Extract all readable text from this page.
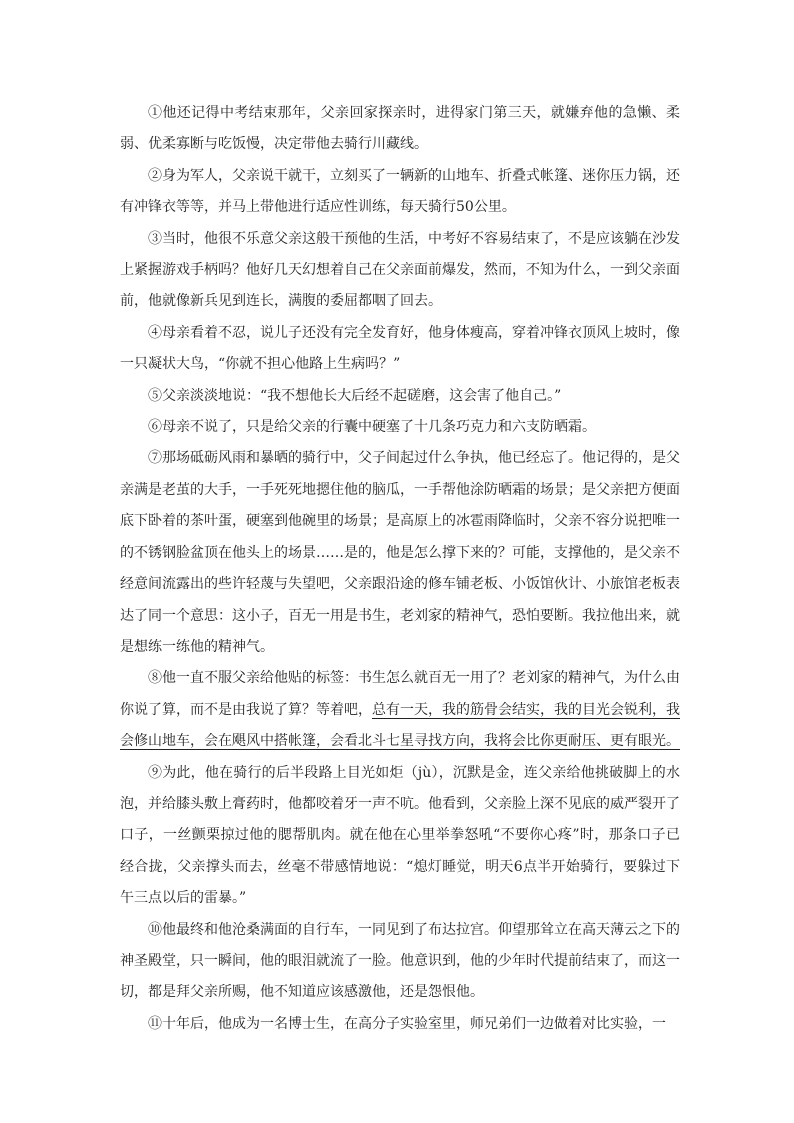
①他还记得中考结束那年，父亲回家探亲时，进得家门第三天，就嫌弃他的急懒、柔弱、优柔寡断与吃饭慢，决定带他去骑行川藏线。

②身为军人，父亲说干就干，立刻买了一辆新的山地车、折叠式帐篷、迷你压力锅，还有冲锋衣等等，并马上带他进行适应性训练，每天骑行50公里。

③当时，他很不乐意父亲这般干预他的生活，中考好不容易结束了，不是应该躺在沙发上紧握游戏手柄吗？他好几天幻想着自己在父亲面前爆发，然而，不知为什么，一到父亲面前，他就像新兵见到连长，满腹的委屈都咽了回去。

④母亲看着不忍，说儿子还没有完全发育好，他身体瘦高，穿着冲锋衣顶风上坡时，像一只凝状大鸟，“你就不担心他路上生病吗？”

⑤父亲淡淡地说：“我不想他长大后经不起磋磨，这会害了他自己。”

⑥母亲不说了，只是给父亲的行囊中硬塞了十几条巧克力和六支防晒霜。

⑦那场砥砺风雨和暴晒的骑行中，父子间起过什么争执，他已经忘了。他记得的，是父亲满是老茧的大手，一手死死地摁住他的脑瓜，一手帮他涂防晒霜的场景；是父亲把方便面底下卧着的茶叶蛋，硬塞到他碗里的场景；是高原上的冰雹雨降临时，父亲不容分说把唯一的不锈钢脸盆顶在他头上的场景……是的，他是怎么撑下来的？可能，支撑他的，是父亲不经意间流露出的些许轻蔑与失望吧，父亲跟沿途的修车铺老板、小饭馆伙计、小旅馆老板表达了同一个意思：这小子，百无一用是书生，老刘家的精神气，恐怕要断。我拉他出来，就是想练一练他的精神气。

⑧他一直不服父亲给他贴的标签：书生怎么就百无一用了？老刘家的精神气，为什么由你说了算，而不是由我说了算？等着吧，总有一天，我的筋骨会结实，我的目光会锐利，我会修山地车，会在飓风中搭帐篷，会看北斗七星寻找方向，我将会比你更耐压、更有眼光。

⑨为此，他在骑行的后半段路上目光如炬（jù），沉默是金，连父亲给他挑破脚上的水泡，并给膝头敷上膏药时，他都咬着牙一声不吭。他看到，父亲脸上深不见底的威严裂开了口子，一丝颤栗掠过他的腮帮肌肉。就在他在心里举拳怒吼“不要你心疼”时，那条口子已经合拢，父亲撑头而去，丝毫不带感情地说：“熄灯睡觉，明天6点半开始骑行，要躲过下午三点以后的雷暴。”

⑩他最终和他沧桑满面的自行车，一同见到了布达拉宫。仰望那耸立在高天薄云之下的神圣殿堂，只一瞬间，他的眼泪就流了一脸。他意识到，他的少年时代提前结束了，而这一切，都是拜父亲所赐，他不知道应该感激他，还是怨恨他。

⑪十年后，他成为一名博士生，在高分子实验室里，师兄弟们一边做着对比实验，一
